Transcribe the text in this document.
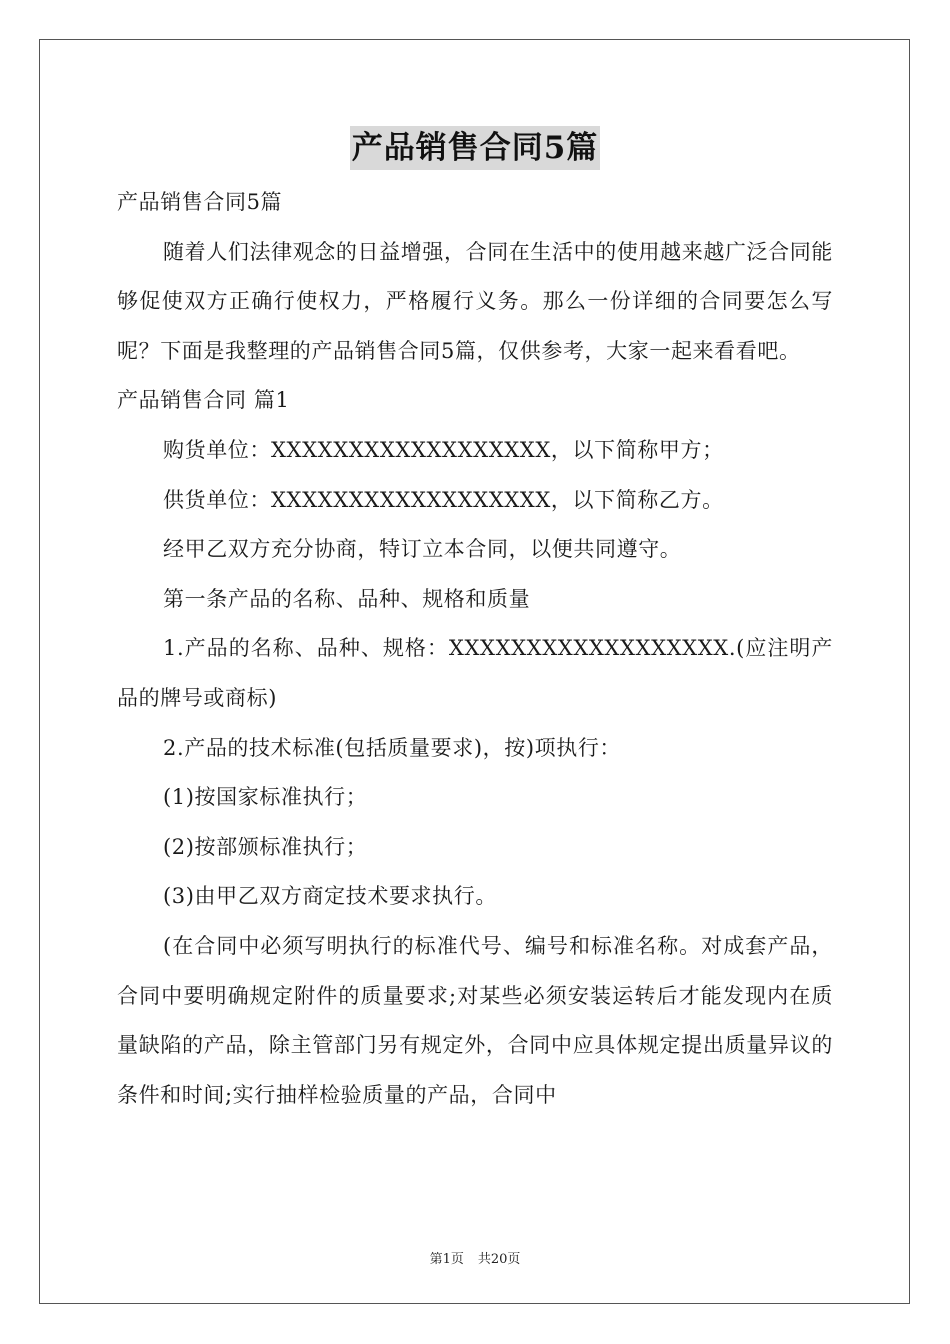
产品销售合同5篇

产品销售合同5篇

随着人们法律观念的日益增强，合同在生活中的使用越来越广泛合同能够促使双方正确行使权力，严格履行义务。那么一份详细的合同要怎么写呢？下面是我整理的产品销售合同5篇，仅供参考，大家一起来看看吧。

产品销售合同 篇1

购货单位：XXXXXXXXXXXXXXXXXX，以下简称甲方；

供货单位：XXXXXXXXXXXXXXXXXX，以下简称乙方。

经甲乙双方充分协商，特订立本合同，以便共同遵守。

第一条产品的名称、品种、规格和质量

1.产品的名称、品种、规格：XXXXXXXXXXXXXXXXXX.(应注明产品的牌号或商标)

2.产品的技术标准(包括质量要求)，按)项执行：

(1)按国家标准执行；

(2)按部颁标准执行；

(3)由甲乙双方商定技术要求执行。

(在合同中必须写明执行的标准代号、编号和标准名称。对成套产品，合同中要明确规定附件的质量要求;对某些必须安装运转后才能发现内在质量缺陷的产品，除主管部门另有规定外，合同中应具体规定提出质量异议的条件和时间;实行抽样检验质量的产品，合同中

第1页 共20页
